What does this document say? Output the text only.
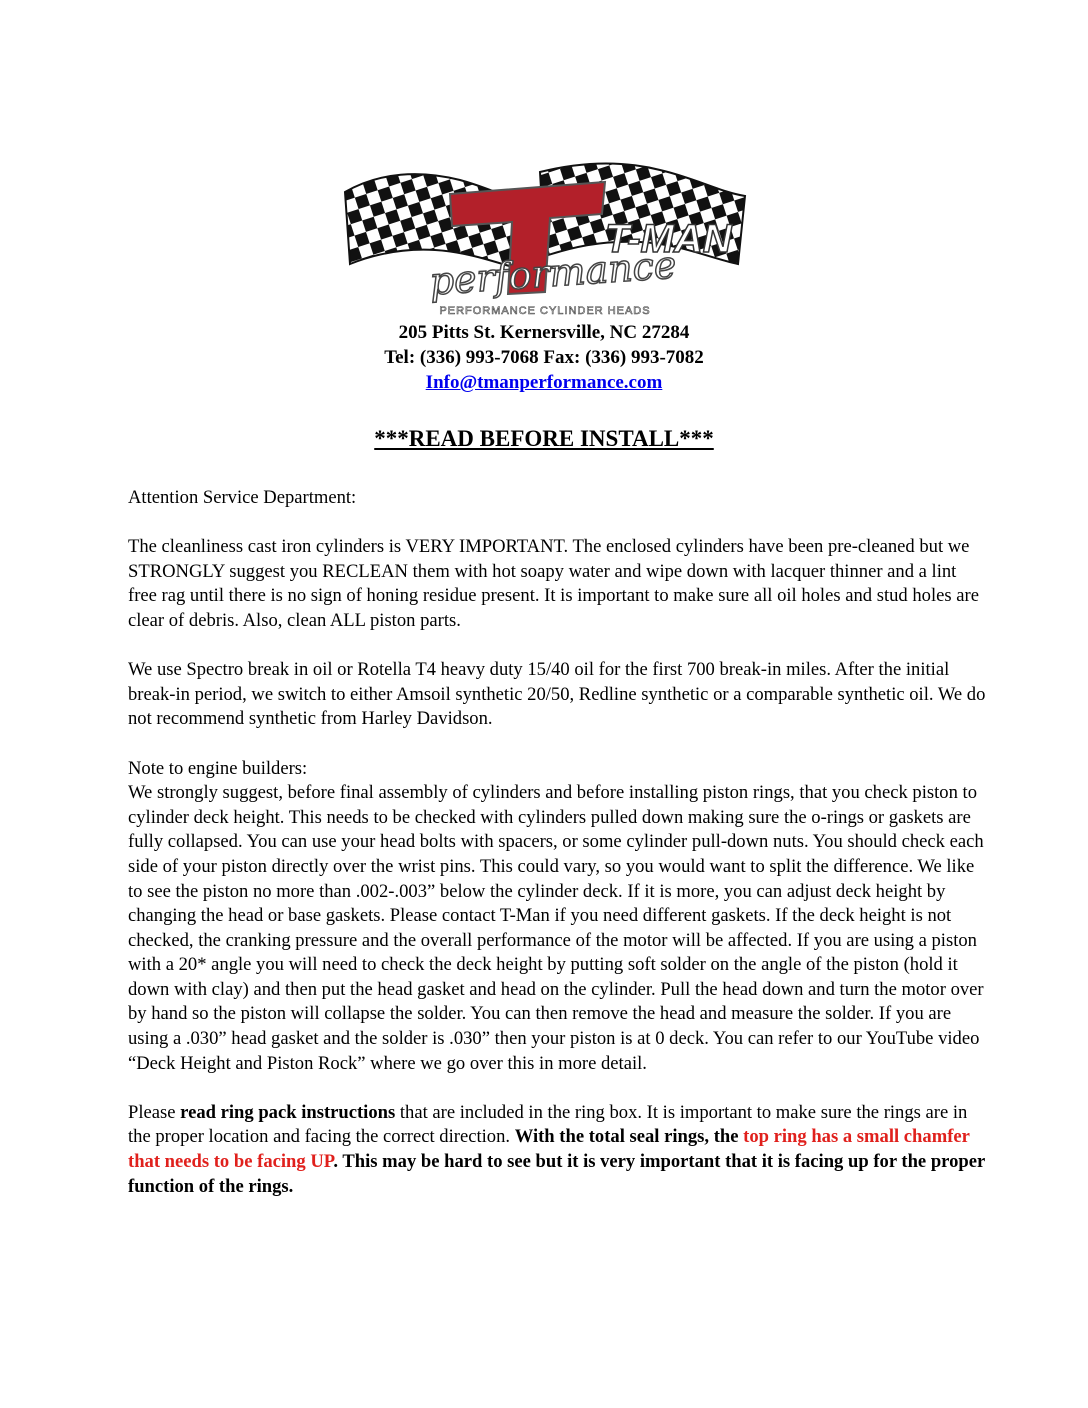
T-MAN
performance
PERFORMANCE CYLINDER HEADS
205 Pitts St. Kernersville, NC 27284
Tel: (336) 993-7068 Fax: (336) 993-7082
Info@tmanperformance.com
***READ BEFORE INSTALL***

Attention Service Department:

The cleanliness cast iron cylinders is VERY IMPORTANT. The enclosed cylinders have been pre-cleaned but we STRONGLY suggest you RECLEAN them with hot soapy water and wipe down with lacquer thinner and a lint free rag until there is no sign of honing residue present. It is important to make sure all oil holes and stud holes are clear of debris. Also, clean ALL piston parts.

We use Spectro break in oil or Rotella T4 heavy duty 15/40 oil for the first 700 break-in miles. After the initial break-in period, we switch to either Amsoil synthetic 20/50, Redline synthetic or a comparable synthetic oil. We do not recommend synthetic from Harley Davidson.

Note to engine builders:

We strongly suggest, before final assembly of cylinders and before installing piston rings, that you check piston to cylinder deck height. This needs to be checked with cylinders pulled down making sure the o-rings or gaskets are fully collapsed. You can use your head bolts with spacers, or some cylinder pull-down nuts. You should check each side of your piston directly over the wrist pins. This could vary, so you would want to split the difference. We like to see the piston no more than .002-.003” below the cylinder deck. If it is more, you can adjust deck height by changing the head or base gaskets. Please contact T-Man if you need different gaskets. If the deck height is not checked, the cranking pressure and the overall performance of the motor will be affected. If you are using a piston with a 20* angle you will need to check the deck height by putting soft solder on the angle of the piston (hold it down with clay) and then put the head gasket and head on the cylinder. Pull the head down and turn the motor over by hand so the piston will collapse the solder. You can then remove the head and measure the solder. If you are using a .030” head gasket and the solder is .030” then your piston is at 0 deck. You can refer to our YouTube video “Deck Height and Piston Rock” where we go over this in more detail.

Please read ring pack instructions that are included in the ring box. It is important to make sure the rings are in the proper location and facing the correct direction. With the total seal rings, the top ring has a small chamfer that needs to be facing UP. This may be hard to see but it is very important that it is facing up for the proper function of the rings.
